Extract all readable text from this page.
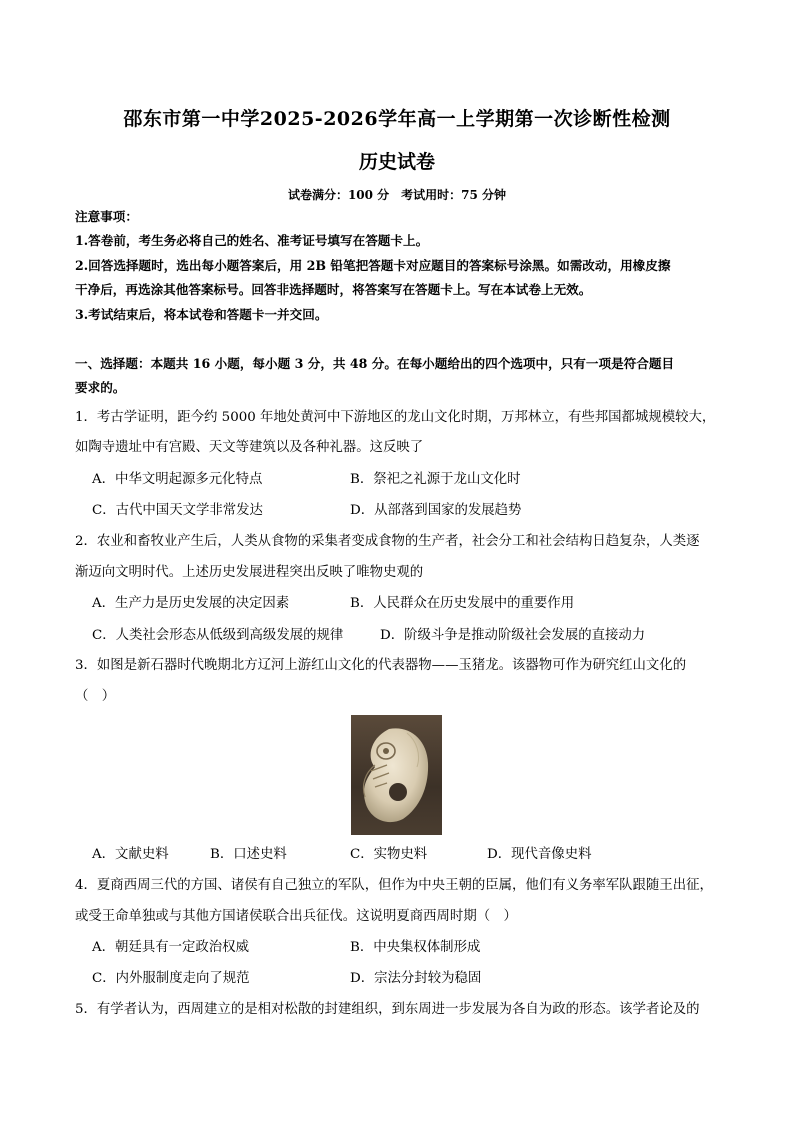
邵东市第一中学2025-2026学年高一上学期第一次诊断性检测
历史试卷
试卷满分：100 分　考试用时：75 分钟
注意事项：
1.答卷前，考生务必将自己的姓名、准考证号填写在答题卡上。
2.回答选择题时，选出每小题答案后，用 2B 铅笔把答题卡对应题目的答案标号涂黑。如需改动，用橡皮擦
干净后，再选涂其他答案标号。回答非选择题时，将答案写在答题卡上。写在本试卷上无效。
3.考试结束后，将本试卷和答题卡一并交回。
一、选择题：本题共 16 小题，每小题 3 分，共 48 分。在每小题给出的四个选项中，只有一项是符合题目
要求的。
1．考古学证明，距今约 5000 年地处黄河中下游地区的龙山文化时期，万邦林立，有些邦国都城规模较大，
如陶寺遗址中有宫殿、天文等建筑以及各种礼器。这反映了
A．中华文明起源多元化特点	B．祭祀之礼源于龙山文化时
C．古代中国天文学非常发达	D．从部落到国家的发展趋势
2．农业和畜牧业产生后，人类从食物的采集者变成食物的生产者，社会分工和社会结构日趋复杂，人类逐
渐迈向文明时代。上述历史发展进程突出反映了唯物史观的
A．生产力是历史发展的决定因素	B．人民群众在历史发展中的重要作用
C．人类社会形态从低级到高级发展的规律	D．阶级斗争是推动阶级社会发展的直接动力
3．如图是新石器时代晚期北方辽河上游红山文化的代表器物——玉猪龙。该器物可作为研究红山文化的
（　）
A．文献史料	B．口述史料	C．实物史料	D．现代音像史料
4．夏商西周三代的方国、诸侯有自己独立的军队，但作为中央王朝的臣属，他们有义务率军队跟随王出征，
或受王命单独或与其他方国诸侯联合出兵征伐。这说明夏商西周时期（　）
A．朝廷具有一定政治权威	B．中央集权体制形成
C．内外服制度走向了规范	D．宗法分封较为稳固
5．有学者认为，西周建立的是相对松散的封建组织，到东周进一步发展为各自为政的形态。该学者论及的
